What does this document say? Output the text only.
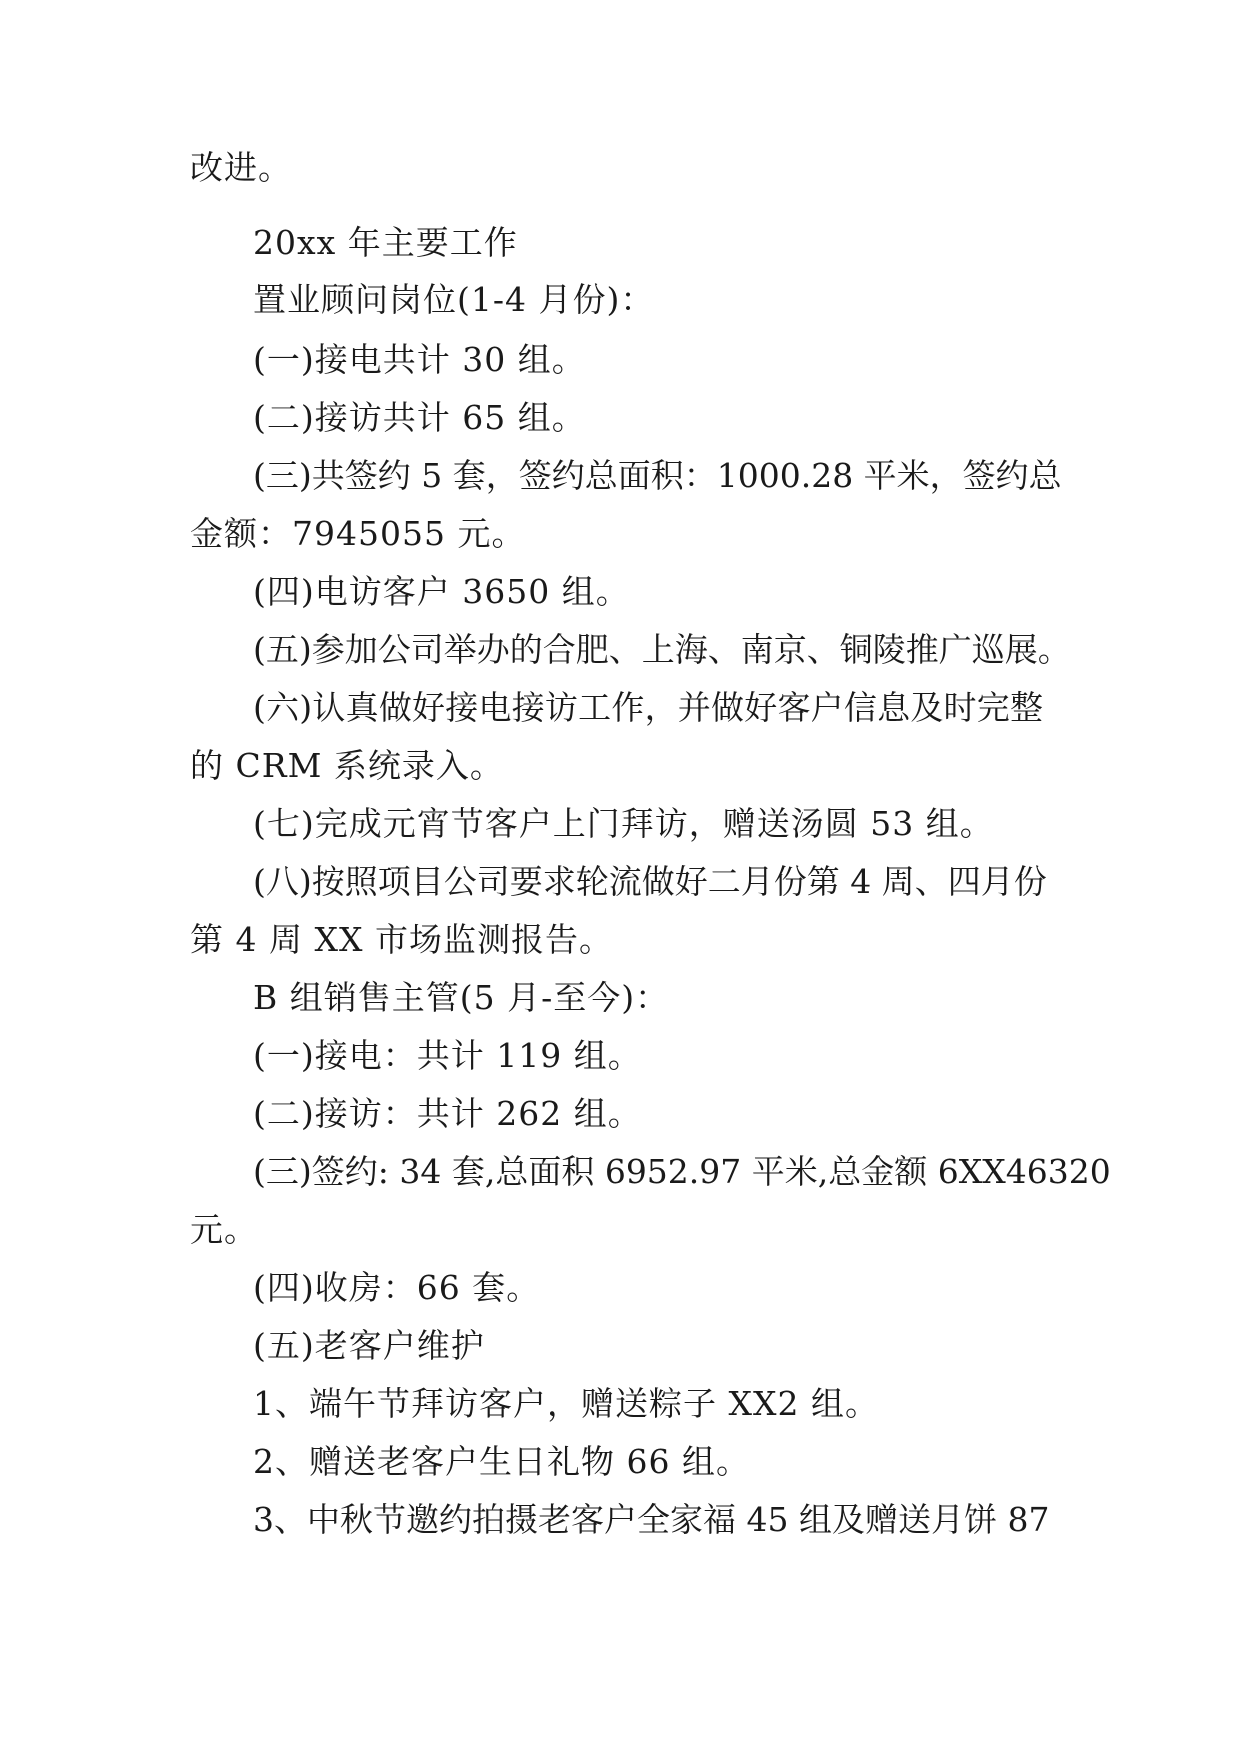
改进。
20xx 年主要工作
置业顾问岗位(1-4 月份)：
(一)接电共计 30 组。
(二)接访共计 65 组。
(三)共签约 5 套，签约总面积：1000.28 平米，签约总
金额：7945055 元。
(四)电访客户 3650 组。
(五)参加公司举办的合肥、上海、南京、铜陵推广巡展。
(六)认真做好接电接访工作，并做好客户信息及时完整
的 CRM 系统录入。
(七)完成元宵节客户上门拜访，赠送汤圆 53 组。
(八)按照项目公司要求轮流做好二月份第 4 周、四月份
第 4 周 XX 市场监测报告。
B 组销售主管(5 月-至今)：
(一)接电：共计 119 组。
(二)接访：共计 262 组。
(三)签约: 34 套,总面积 6952.97 平米,总金额 6XX46320
元。
(四)收房：66 套。
(五)老客户维护
1、端午节拜访客户，赠送粽子 XX2 组。
2、赠送老客户生日礼物 66 组。
3、中秋节邀约拍摄老客户全家福 45 组及赠送月饼 87
